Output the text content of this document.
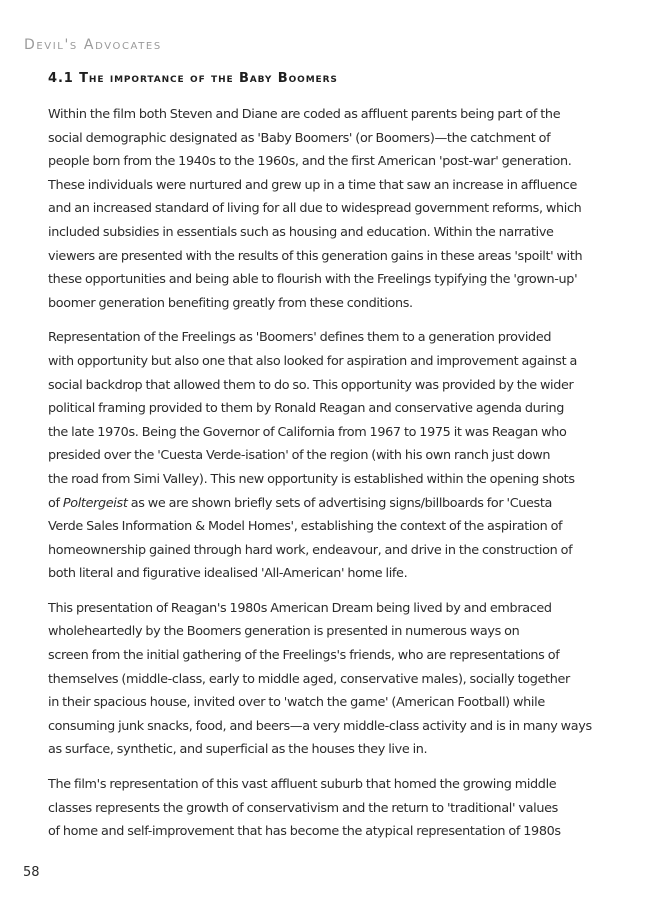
Devil's Advocates
4.1 The importance of the Baby Boomers

Within the film both Steven and Diane are coded as affluent parents being part of the
social demographic designated as 'Baby Boomers' (or Boomers)—the catchment of
people born from the 1940s to the 1960s, and the first American 'post-war' generation.
These individuals were nurtured and grew up in a time that saw an increase in affluence
and an increased standard of living for all due to widespread government reforms, which
included subsidies in essentials such as housing and education. Within the narrative
viewers are presented with the results of this generation gains in these areas 'spoilt' with
these opportunities and being able to flourish with the Freelings typifying the 'grown-up'
boomer generation benefiting greatly from these conditions.

Representation of the Freelings as 'Boomers' defines them to a generation provided
with opportunity but also one that also looked for aspiration and improvement against a
social backdrop that allowed them to do so. This opportunity was provided by the wider
political framing provided to them by Ronald Reagan and conservative agenda during
the late 1970s. Being the Governor of California from 1967 to 1975 it was Reagan who
presided over the 'Cuesta Verde-isation' of the region (with his own ranch just down
the road from Simi Valley). This new opportunity is established within the opening shots
of Poltergeist as we are shown briefly sets of advertising signs/billboards for 'Cuesta
Verde Sales Information & Model Homes', establishing the context of the aspiration of
homeownership gained through hard work, endeavour, and drive in the construction of
both literal and figurative idealised 'All-American' home life.

This presentation of Reagan's 1980s American Dream being lived by and embraced
wholeheartedly by the Boomers generation is presented in numerous ways on
screen from the initial gathering of the Freelings's friends, who are representations of
themselves (middle-class, early to middle aged, conservative males), socially together
in their spacious house, invited over to 'watch the game' (American Football) while
consuming junk snacks, food, and beers—a very middle-class activity and is in many ways
as surface, synthetic, and superficial as the houses they live in.

The film's representation of this vast affluent suburb that homed the growing middle
classes represents the growth of conservativism and the return to 'traditional' values
of home and self-improvement that has become the atypical representation of 1980s

58
